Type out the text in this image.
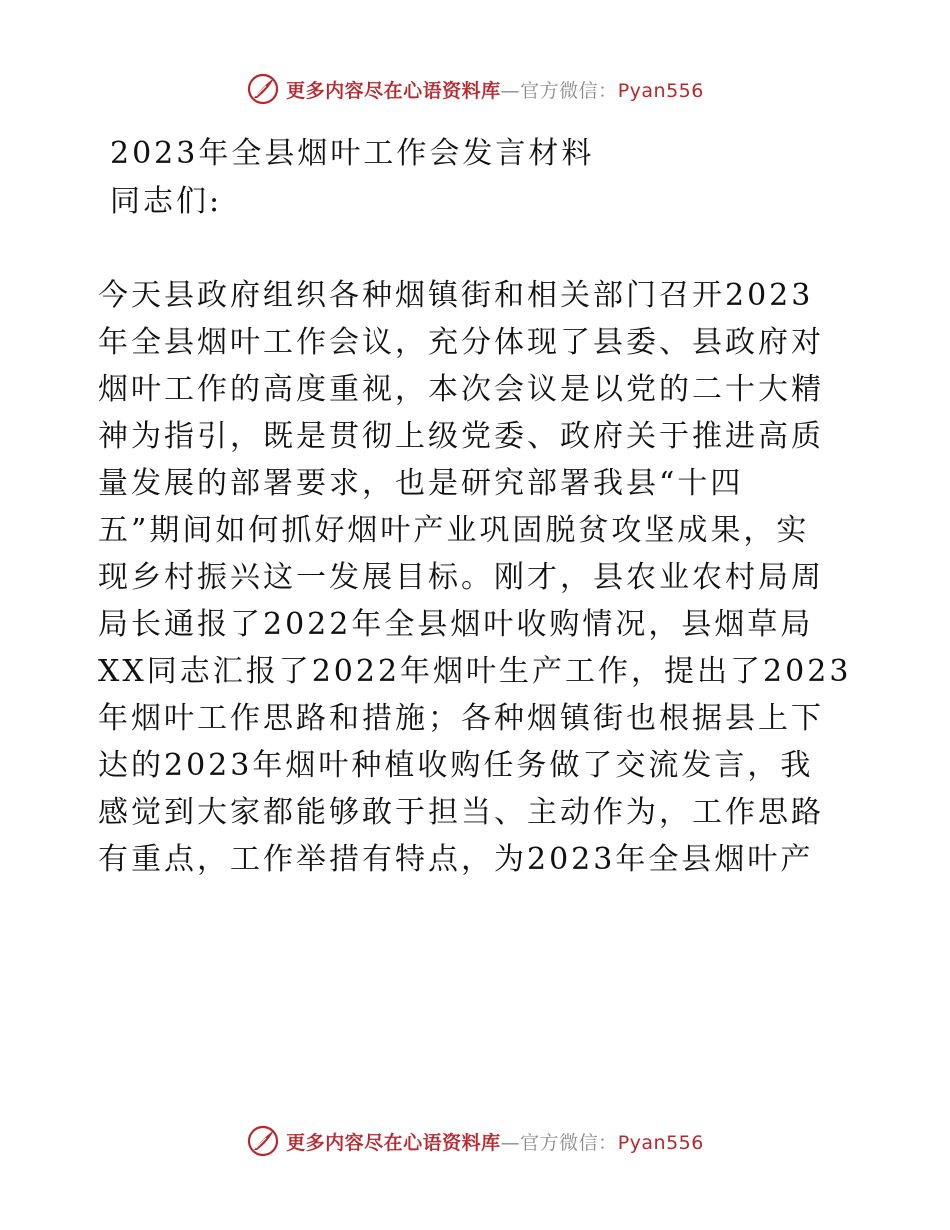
更多内容尽在心语资料库—官方微信：Pyan556
2023年全县烟叶工作会发言材料
同志们:
今天县政府组织各种烟镇街和相关部门召开2023
年全县烟叶工作会议，充分体现了县委、县政府对
烟叶工作的高度重视，本次会议是以党的二十大精
神为指引，既是贯彻上级党委、政府关于推进高质
量发展的部署要求，也是研究部署我县“十四
五”期间如何抓好烟叶产业巩固脱贫攻坚成果，实
现乡村振兴这一发展目标。刚才，县农业农村局周
局长通报了2022年全县烟叶收购情况，县烟草局
XX同志汇报了2022年烟叶生产工作，提出了2023
年烟叶工作思路和措施；各种烟镇街也根据县上下
达的2023年烟叶种植收购任务做了交流发言，我
感觉到大家都能够敢于担当、主动作为，工作思路
有重点，工作举措有特点，为2023年全县烟叶产
更多内容尽在心语资料库—官方微信：Pyan556
